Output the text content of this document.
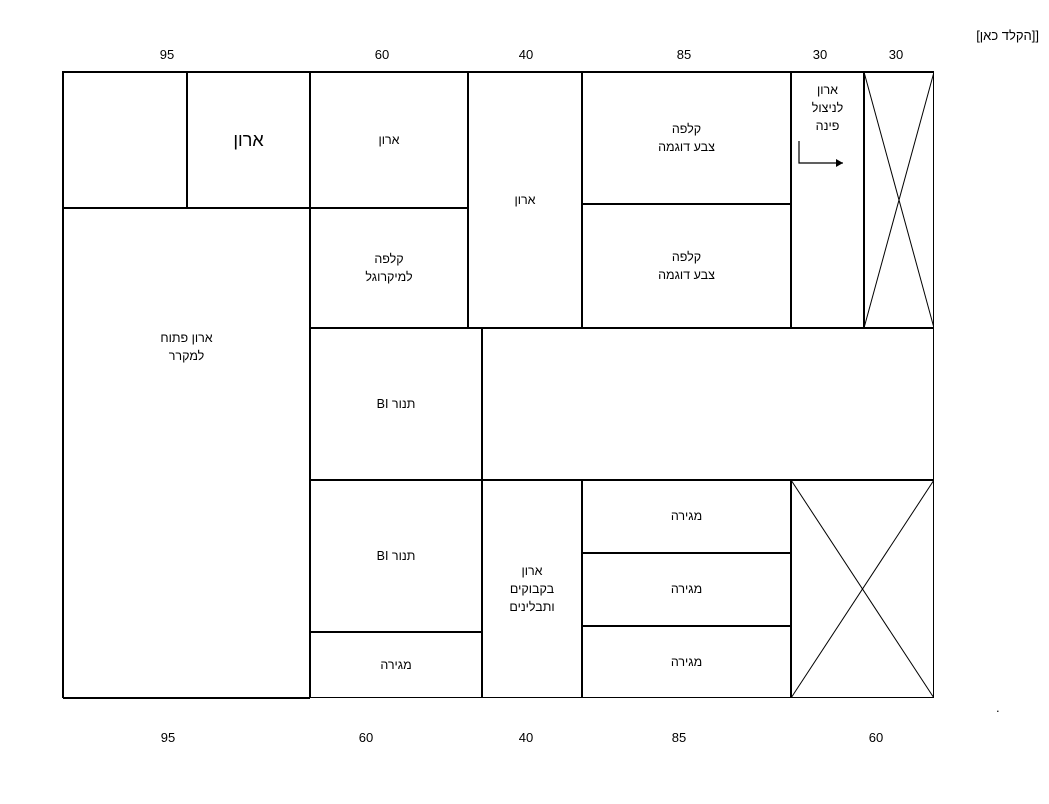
[[הקלד כאן]
95	60	40	85	30	30
95	60	40	85	60
.
ארון	ארון
ארון
קלפה
צבע דוגמה
ארון
לניצול
פינה
ארון פתוח
למקרר
קלפה
למיקרוגל
קלפה
צבע דוגמה
תנור BI
תנור BI
מגירה
ארון
בקבוקים
ותבלינים
מגירה
מגירה
מגירה
